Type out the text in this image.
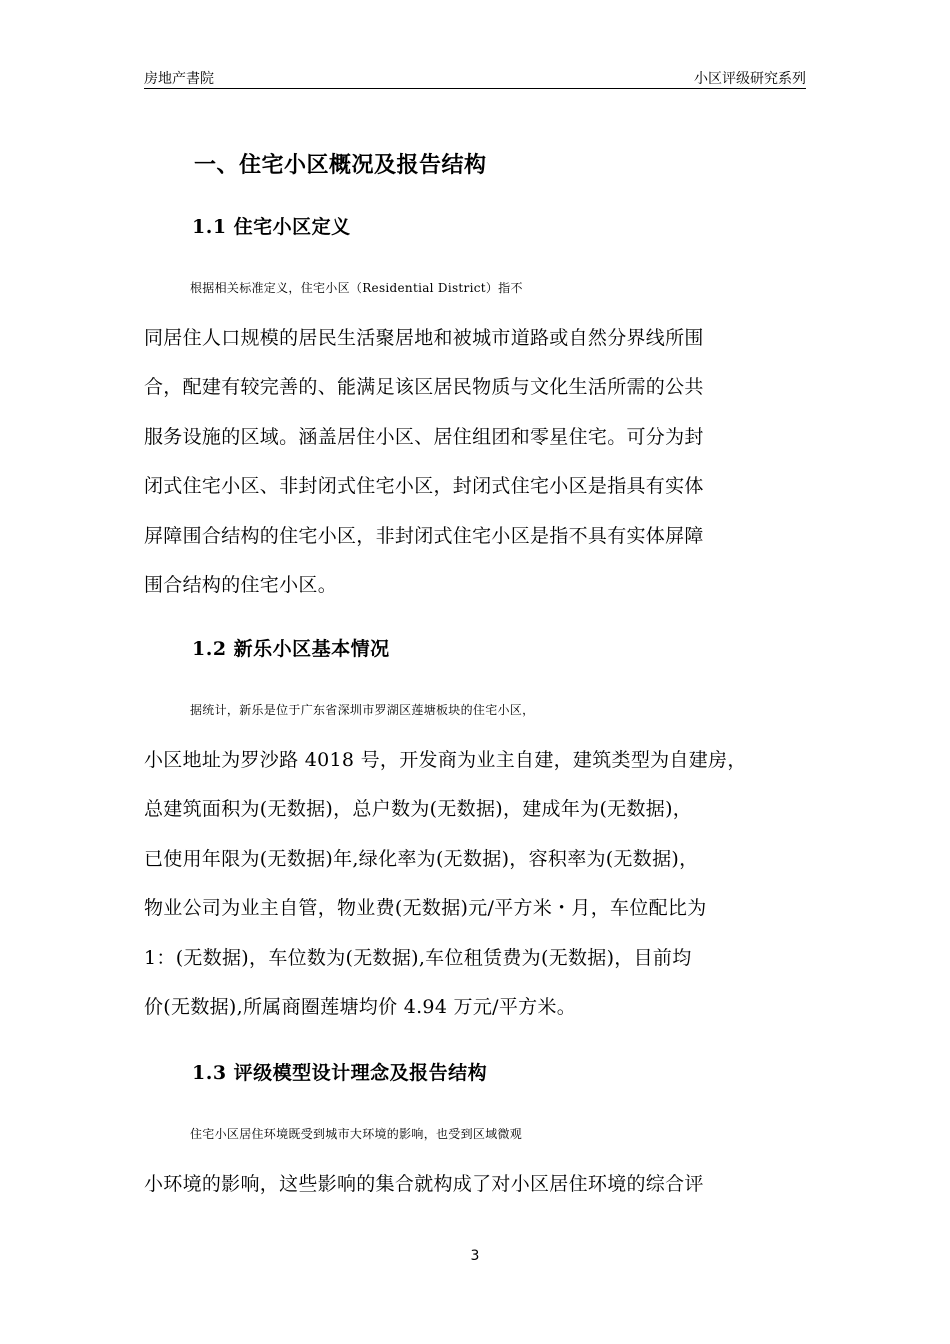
房地产書院	小区评级研究系列
一、住宅小区概况及报告结构
1.1 住宅小区定义
根据相关标准定义，住宅小区（Residential District）指不
同居住人口规模的居民生活聚居地和被城市道路或自然分界线所围
合，配建有较完善的、能满足该区居民物质与文化生活所需的公共
服务设施的区域。涵盖居住小区、居住组团和零星住宅。可分为封
闭式住宅小区、非封闭式住宅小区，封闭式住宅小区是指具有实体
屏障围合结构的住宅小区，非封闭式住宅小区是指不具有实体屏障
围合结构的住宅小区。
1.2 新乐小区基本情况
据统计，新乐是位于广东省深圳市罗湖区莲塘板块的住宅小区，
小区地址为罗沙路 4018 号，开发商为业主自建，建筑类型为自建房，
总建筑面积为(无数据)，总户数为(无数据)，建成年为(无数据)，
已使用年限为(无数据)年,绿化率为(无数据)，容积率为(无数据)，
物业公司为业主自管，物业费(无数据)元/平方米・月，车位配比为
1：(无数据)，车位数为(无数据),车位租赁费为(无数据)，目前均
价(无数据),所属商圈莲塘均价 4.94 万元/平方米。
1.3 评级模型设计理念及报告结构
住宅小区居住环境既受到城市大环境的影响，也受到区域微观
小环境的影响，这些影响的集合就构成了对小区居住环境的综合评
3
